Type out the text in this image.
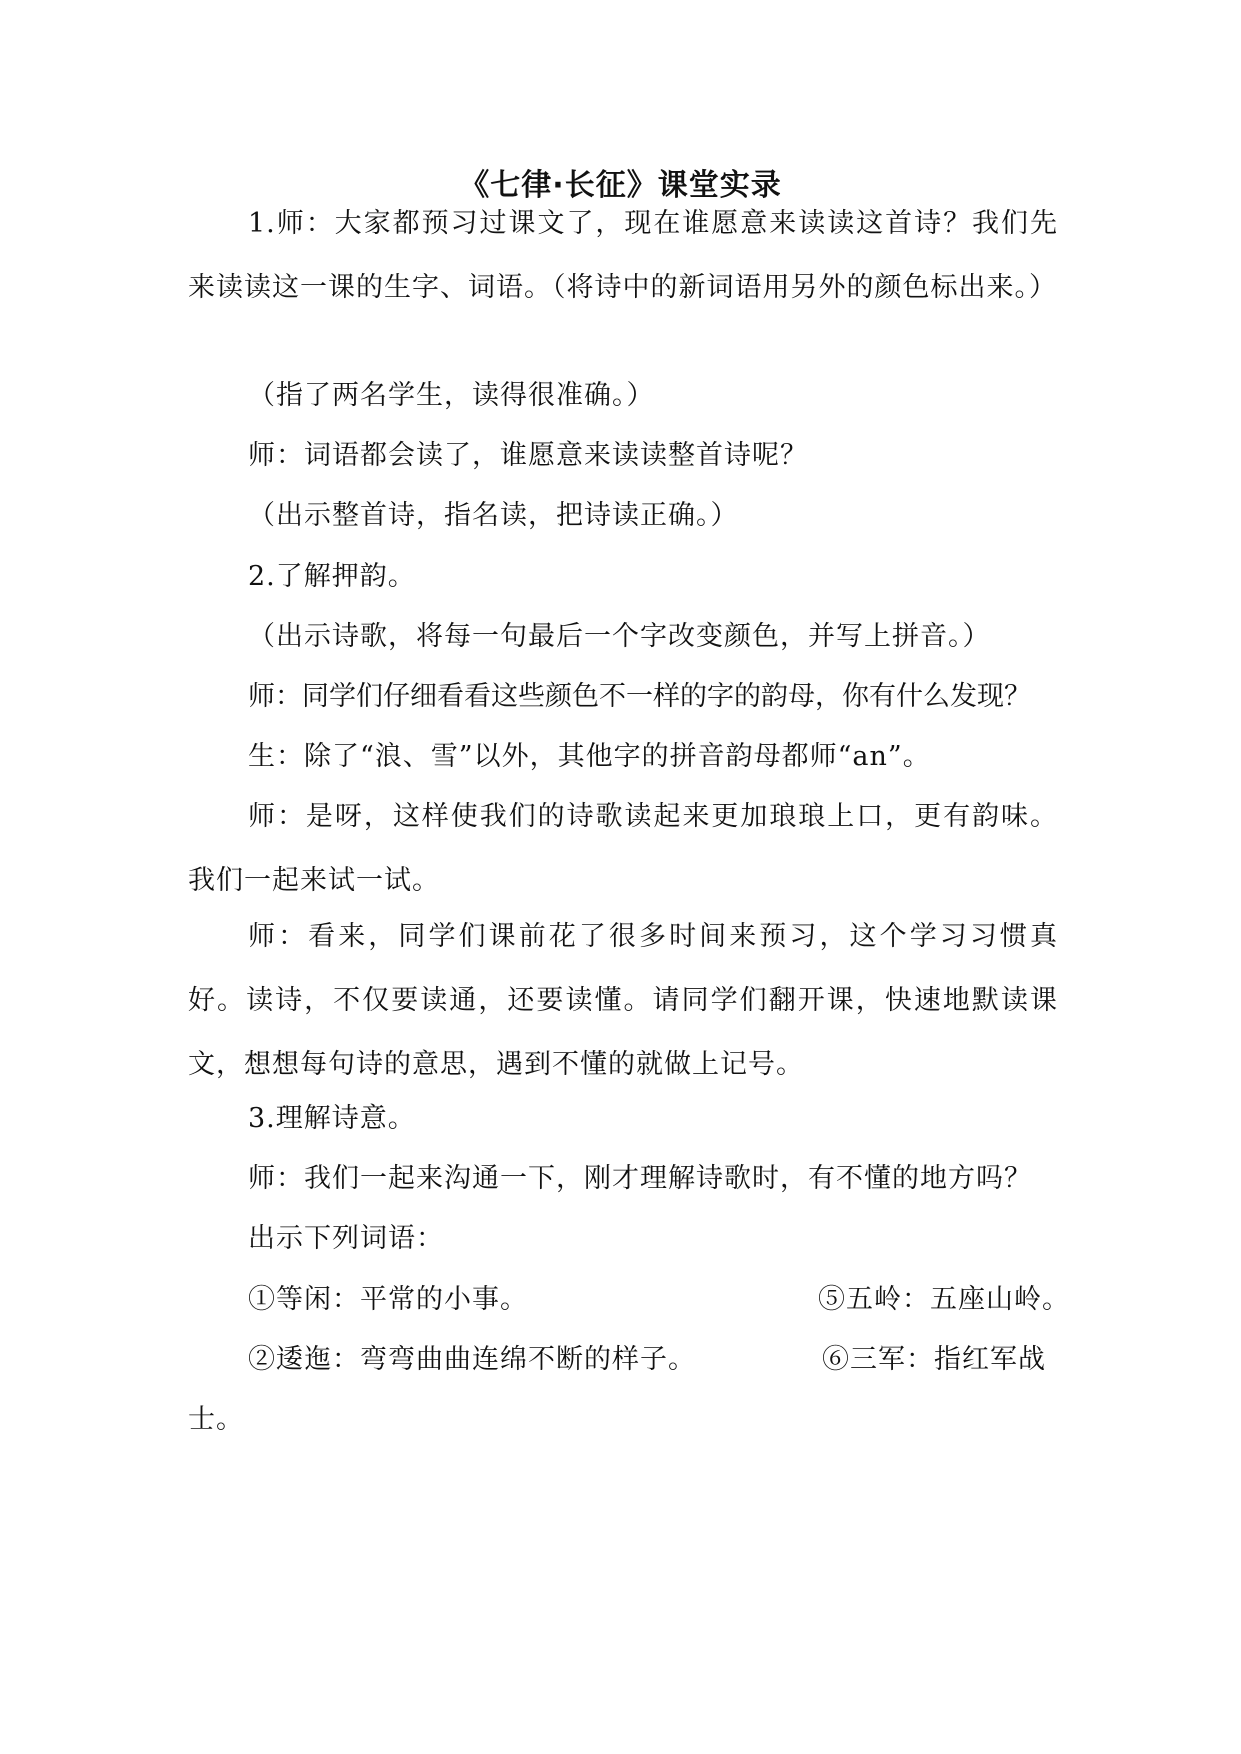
《七律·长征》课堂实录

1.师：大家都预习过课文了，现在谁愿意来读读这首诗？我们先来读读这一课的生字、词语。（将诗中的新词语用另外的颜色标出来。）

（指了两名学生，读得很准确。）

师：词语都会读了，谁愿意来读读整首诗呢？

（出示整首诗，指名读，把诗读正确。）

2.了解押韵。

（出示诗歌，将每一句最后一个字改变颜色，并写上拼音。）

师：同学们仔细看看这些颜色不一样的字的韵母，你有什么发现？

生：除了“浪、雪”以外，其他字的拼音韵母都师“an”。

师：是呀，这样使我们的诗歌读起来更加琅琅上口，更有韵味。我们一起来试一试。

师：看来，同学们课前花了很多时间来预习，这个学习习惯真好。读诗，不仅要读通，还要读懂。请同学们翻开课，快速地默读课文，想想每句诗的意思，遇到不懂的就做上记号。

3.理解诗意。

师：我们一起来沟通一下，刚才理解诗歌时，有不懂的地方吗？

出示下列词语：

①等闲：平常的小事。	⑤五岭：五座山岭。

②逶迤：弯弯曲曲连绵不断的样子。	⑥三军：指红军战

士。
